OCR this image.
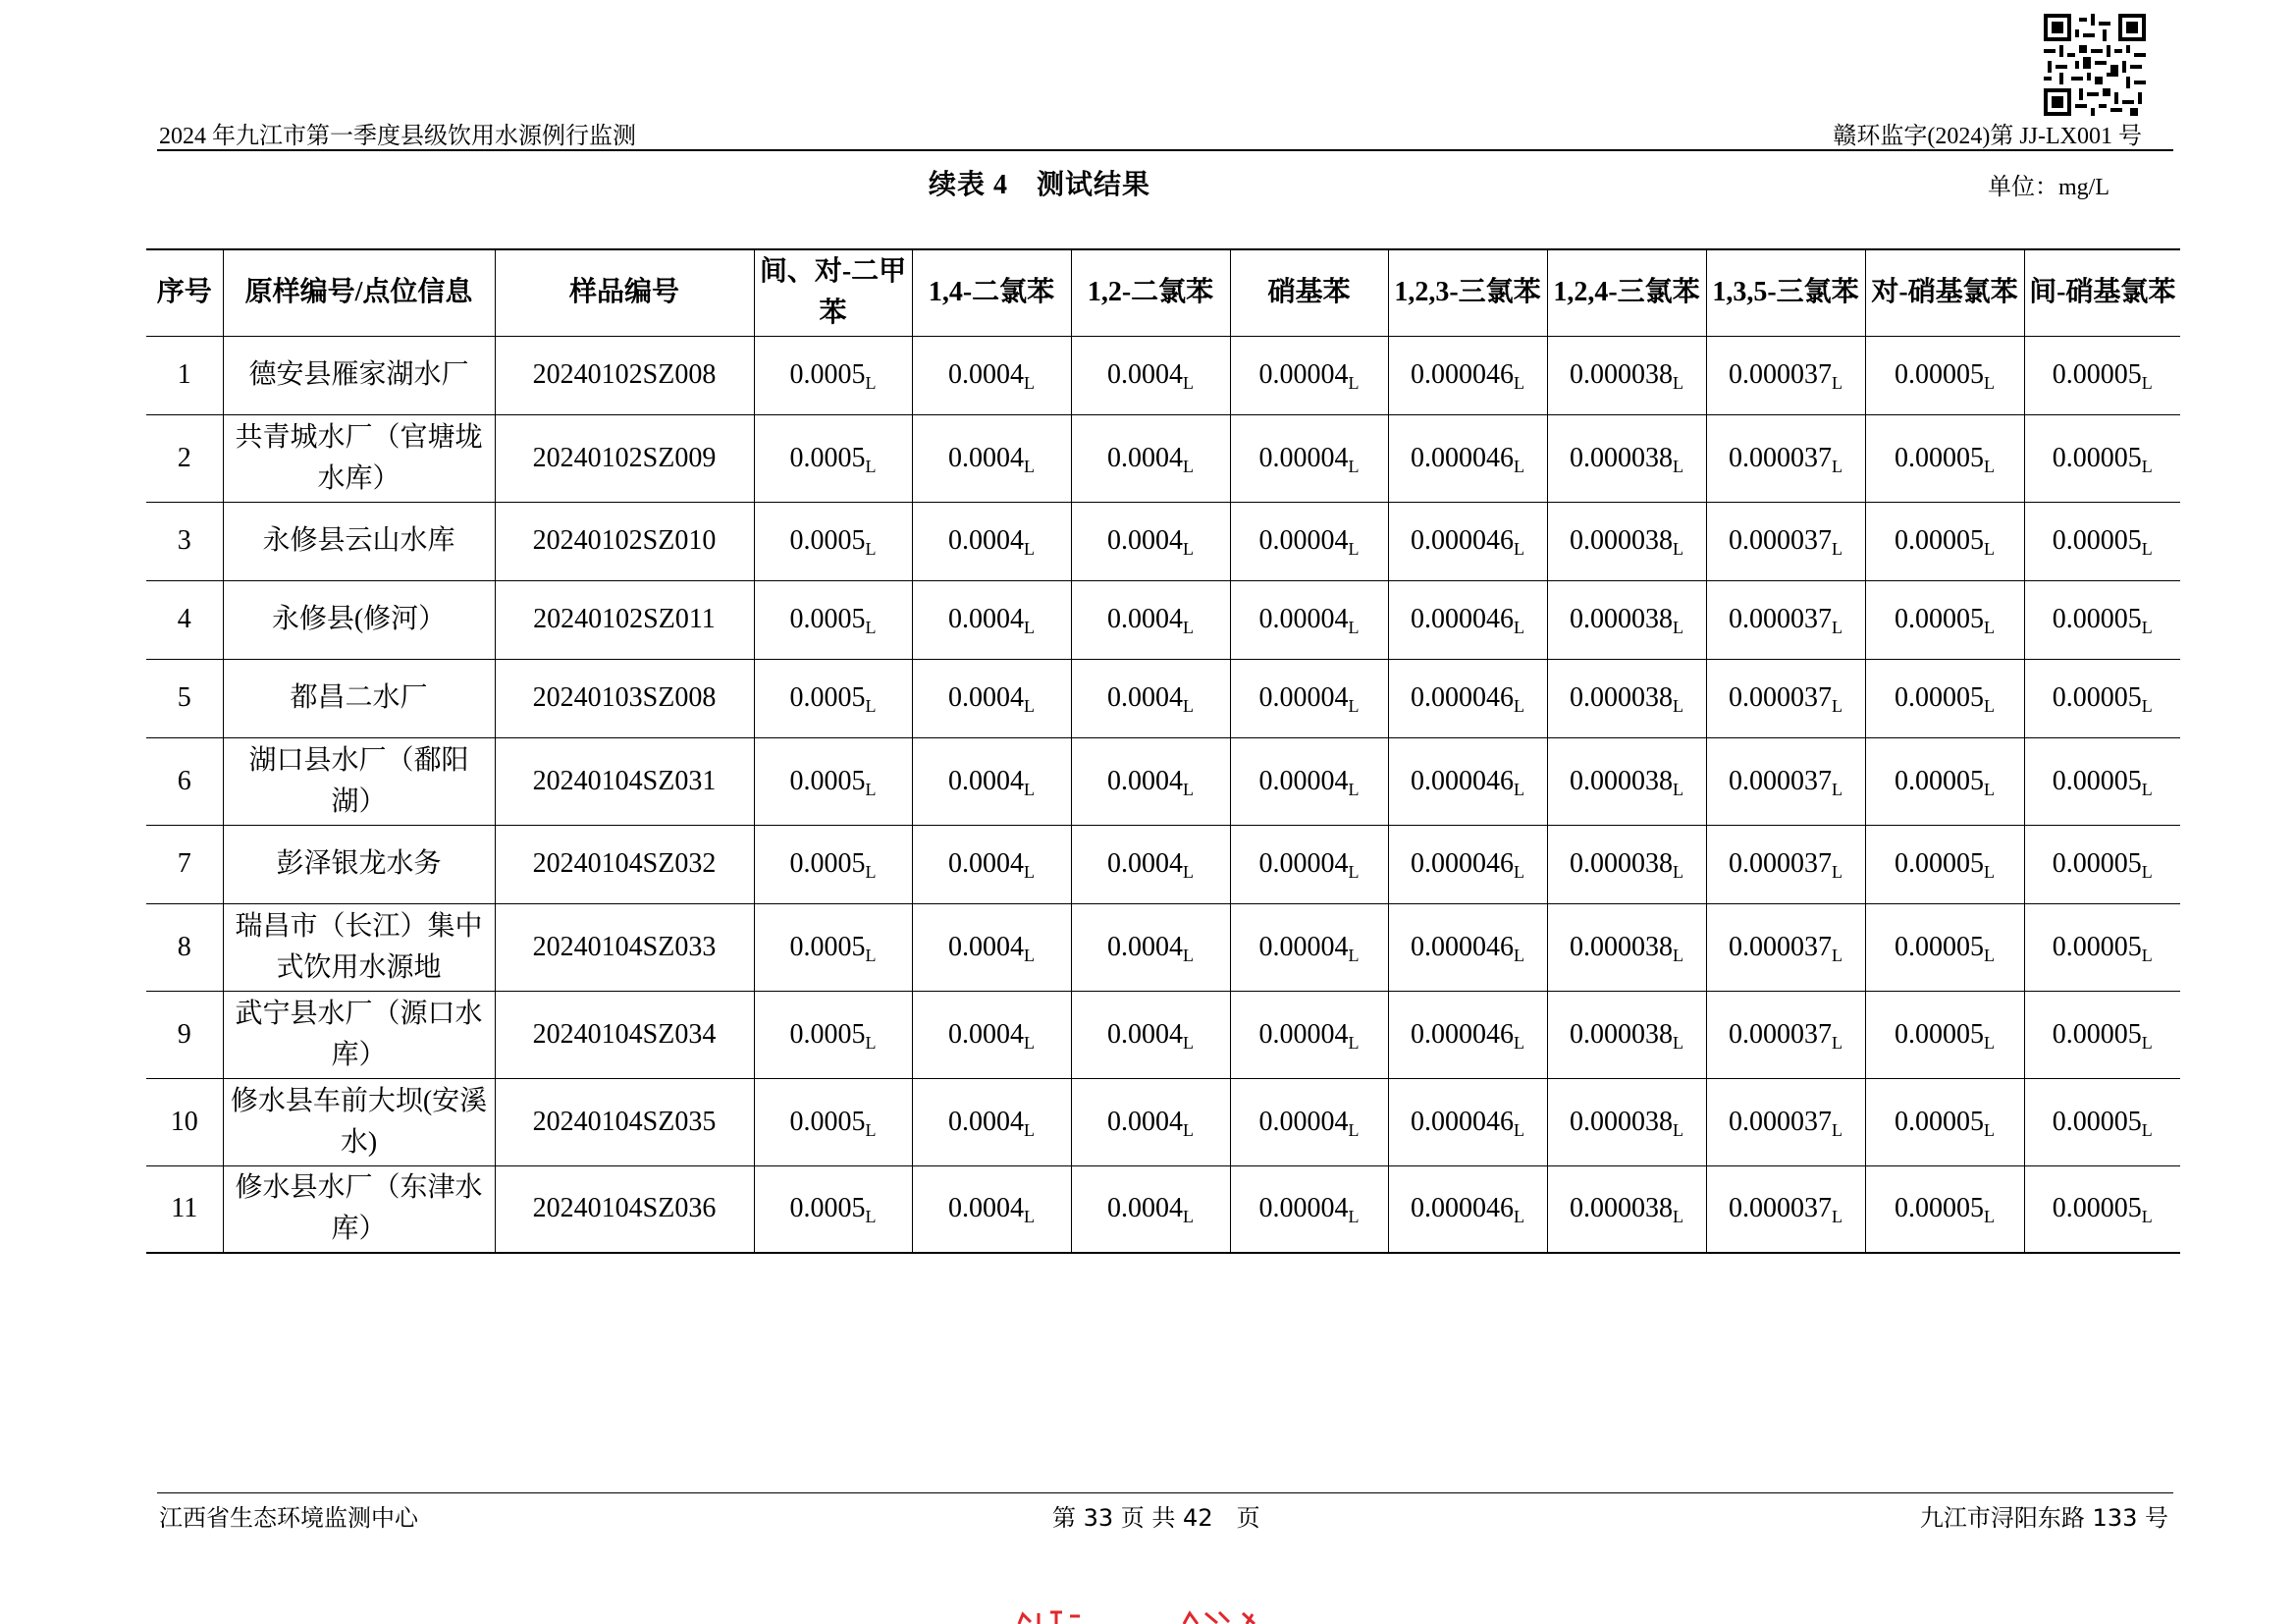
2024 年九江市第一季度县级饮用水源例行监测	赣环监字(2024)第 JJ-LX001 号
续表 4　测试结果	单位：mg/L
序号	原样编号/点位信息	样品编号	间、对-二甲苯	1,4-二氯苯	1,2-二氯苯	硝基苯	1,2,3-三氯苯	1,2,4-三氯苯	1,3,5-三氯苯	对-硝基氯苯	间-硝基氯苯
1	德安县雁家湖水厂	20240102SZ008	$0.0005_L$	$0.0004_L$	$0.0004_L$	$0.00004_L$	$0.000046_L$	$0.000038_L$	$0.000037_L$	$0.00005_L$	$0.00005_L$
2	共青城水厂（官塘垅水库）	20240102SZ009	$0.0005_L$	$0.0004_L$	$0.0004_L$	$0.00004_L$	$0.000046_L$	$0.000038_L$	$0.000037_L$	$0.00005_L$	$0.00005_L$
3	永修县云山水库	20240102SZ010	$0.0005_L$	$0.0004_L$	$0.0004_L$	$0.00004_L$	$0.000046_L$	$0.000038_L$	$0.000037_L$	$0.00005_L$	$0.00005_L$
4	永修县(修河）	20240102SZ011	$0.0005_L$	$0.0004_L$	$0.0004_L$	$0.00004_L$	$0.000046_L$	$0.000038_L$	$0.000037_L$	$0.00005_L$	$0.00005_L$
5	都昌二水厂	20240103SZ008	$0.0005_L$	$0.0004_L$	$0.0004_L$	$0.00004_L$	$0.000046_L$	$0.000038_L$	$0.000037_L$	$0.00005_L$	$0.00005_L$
6	湖口县水厂（鄱阳湖）	20240104SZ031	$0.0005_L$	$0.0004_L$	$0.0004_L$	$0.00004_L$	$0.000046_L$	$0.000038_L$	$0.000037_L$	$0.00005_L$	$0.00005_L$
7	彭泽银龙水务	20240104SZ032	$0.0005_L$	$0.0004_L$	$0.0004_L$	$0.00004_L$	$0.000046_L$	$0.000038_L$	$0.000037_L$	$0.00005_L$	$0.00005_L$
8	瑞昌市（长江）集中式饮用水源地	20240104SZ033	$0.0005_L$	$0.0004_L$	$0.0004_L$	$0.00004_L$	$0.000046_L$	$0.000038_L$	$0.000037_L$	$0.00005_L$	$0.00005_L$
9	武宁县水厂（源口水库）	20240104SZ034	$0.0005_L$	$0.0004_L$	$0.0004_L$	$0.00004_L$	$0.000046_L$	$0.000038_L$	$0.000037_L$	$0.00005_L$	$0.00005_L$
10	修水县车前大坝(安溪水)	20240104SZ035	$0.0005_L$	$0.0004_L$	$0.0004_L$	$0.00004_L$	$0.000046_L$	$0.000038_L$	$0.000037_L$	$0.00005_L$	$0.00005_L$
11	修水县水厂（东津水库）	20240104SZ036	$0.0005_L$	$0.0004_L$	$0.0004_L$	$0.00004_L$	$0.000046_L$	$0.000038_L$	$0.000037_L$	$0.00005_L$	$0.00005_L$
江西省生态环境监测中心	第 33 页 共 42　页	九江市浔阳东路 133 号
